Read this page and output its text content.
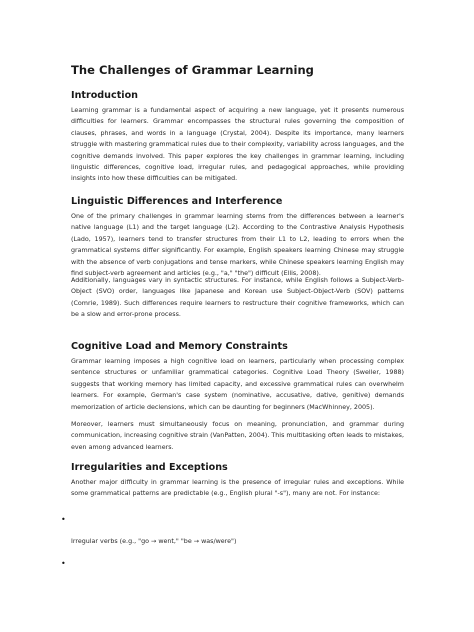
The Challenges of Grammar Learning
Introduction

Learning grammar is a fundamental aspect of acquiring a new language, yet it presents numerous difficulties for learners. Grammar encompasses the structural rules governing the composition of clauses, phrases, and words in a language (Crystal, 2004). Despite its importance, many learners struggle with mastering grammatical rules due to their complexity, variability across languages, and the cognitive demands involved. This paper explores the key challenges in grammar learning, including linguistic differences, cognitive load, irregular rules, and pedagogical approaches, while providing insights into how these difficulties can be mitigated.

Linguistic Differences and Interference

One of the primary challenges in grammar learning stems from the differences between a learner's native language (L1) and the target language (L2). According to the Contrastive Analysis Hypothesis (Lado, 1957), learners tend to transfer structures from their L1 to L2, leading to errors when the grammatical systems differ significantly. For example, English speakers learning Chinese may struggle with the absence of verb conjugations and tense markers, while Chinese speakers learning English may find subject-verb agreement and articles (e.g., "a," "the") difficult (Ellis, 2008).

Additionally, languages vary in syntactic structures. For instance, while English follows a Subject-Verb-Object (SVO) order, languages like Japanese and Korean use Subject-Object-Verb (SOV) patterns (Comrie, 1989). Such differences require learners to restructure their cognitive frameworks, which can be a slow and error-prone process.

Cognitive Load and Memory Constraints

Grammar learning imposes a high cognitive load on learners, particularly when processing complex sentence structures or unfamiliar grammatical categories. Cognitive Load Theory (Sweller, 1988) suggests that working memory has limited capacity, and excessive grammatical rules can overwhelm learners. For example, German's case system (nominative, accusative, dative, genitive) demands memorization of article declensions, which can be daunting for beginners (MacWhinney, 2005).

Moreover, learners must simultaneously focus on meaning, pronunciation, and grammar during communication, increasing cognitive strain (VanPatten, 2004). This multitasking often leads to mistakes, even among advanced learners.

Irregularities and Exceptions

Another major difficulty in grammar learning is the presence of irregular rules and exceptions. While some grammatical patterns are predictable (e.g., English plural "-s"), many are not. For instance:

•
Irregular verbs (e.g., "go → went," "be → was/were")
•
